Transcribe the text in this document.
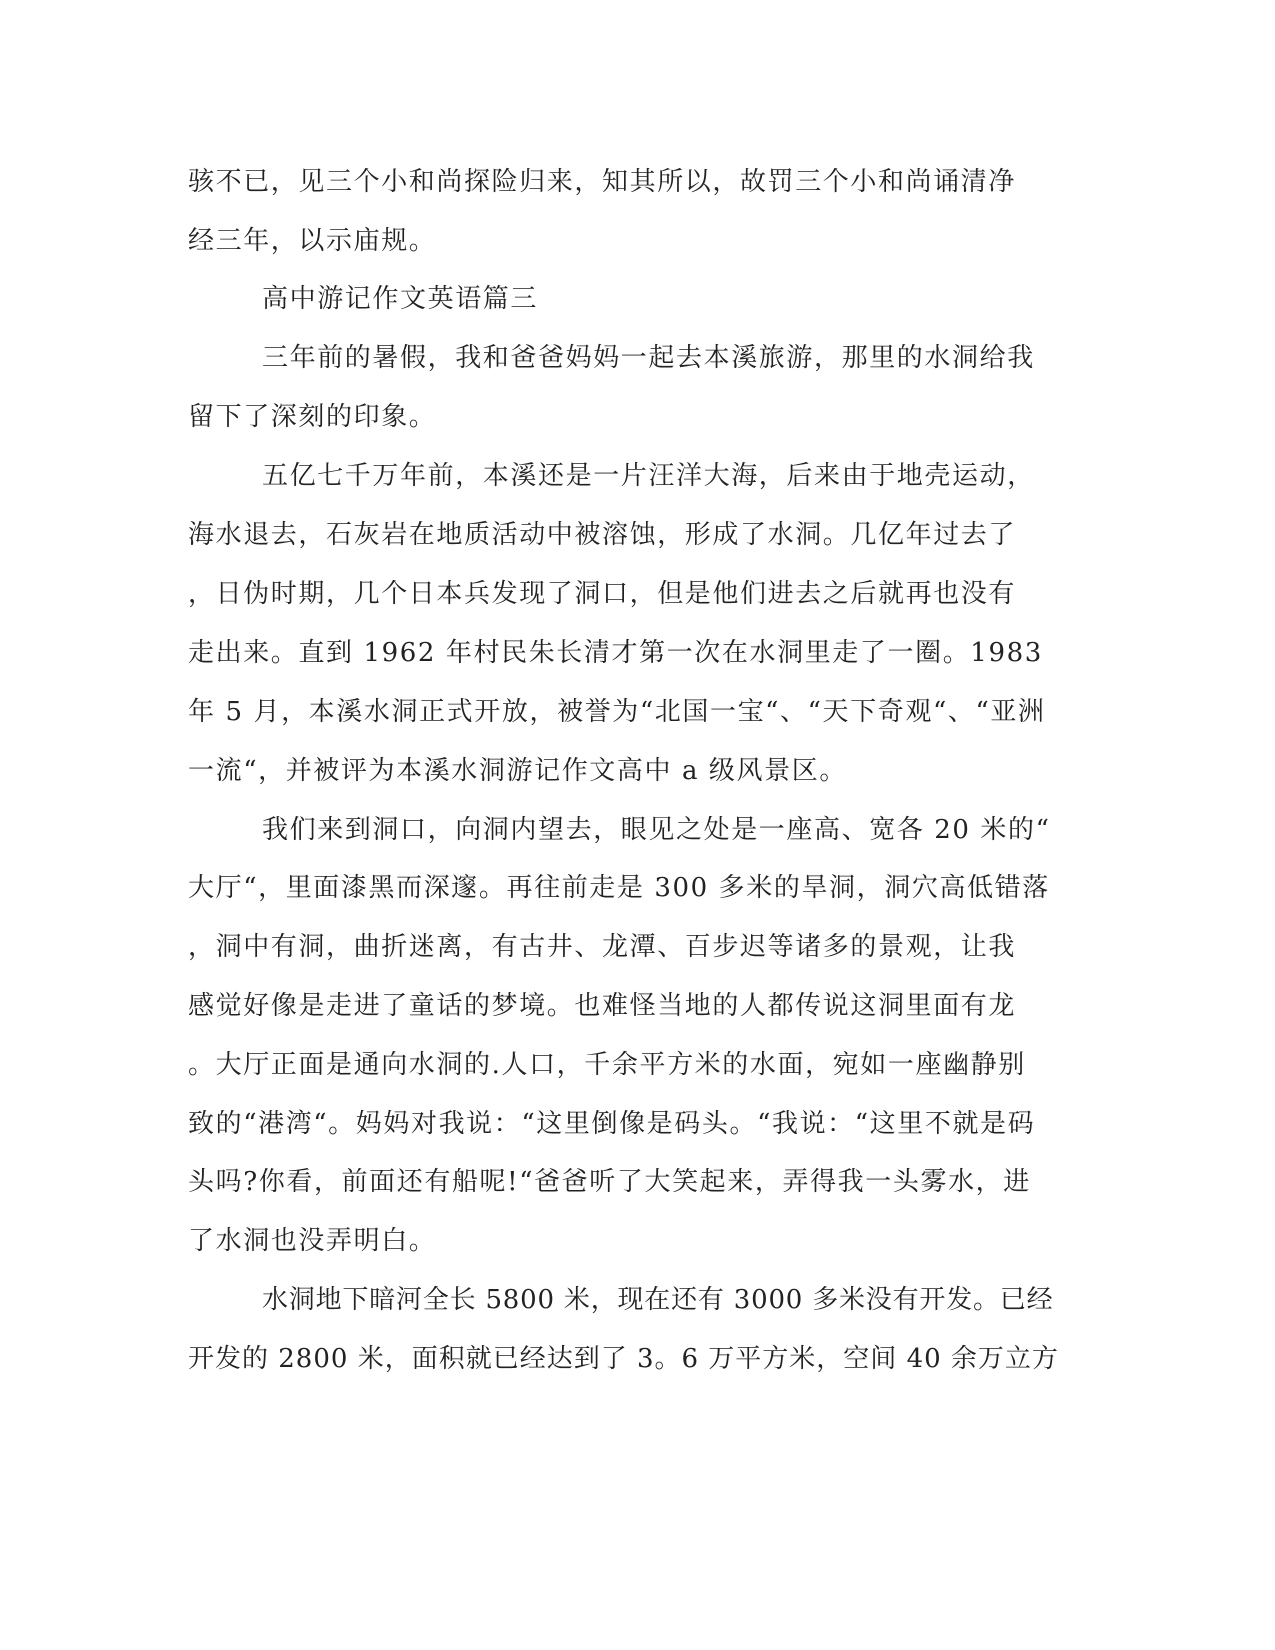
骇不已，见三个小和尚探险归来，知其所以，故罚三个小和尚诵清净
经三年，以示庙规。
高中游记作文英语篇三
三年前的暑假，我和爸爸妈妈一起去本溪旅游，那里的水洞给我
留下了深刻的印象。
五亿七千万年前，本溪还是一片汪洋大海，后来由于地壳运动，
海水退去，石灰岩在地质活动中被溶蚀，形成了水洞。几亿年过去了
，日伪时期，几个日本兵发现了洞口，但是他们进去之后就再也没有
走出来。直到 1962 年村民朱长清才第一次在水洞里走了一圈。1983
年 5 月，本溪水洞正式开放，被誉为“北国一宝“、“天下奇观“、“亚洲
一流“，并被评为本溪水洞游记作文高中 a 级风景区。
我们来到洞口，向洞内望去，眼见之处是一座高、宽各 20 米的“
大厅“，里面漆黑而深邃。再往前走是 300 多米的旱洞，洞穴高低错落
，洞中有洞，曲折迷离，有古井、龙潭、百步迟等诸多的景观，让我
感觉好像是走进了童话的梦境。也难怪当地的人都传说这洞里面有龙
。大厅正面是通向水洞的.人口，千余平方米的水面，宛如一座幽静别
致的“港湾“。妈妈对我说：“这里倒像是码头。“我说：“这里不就是码
头吗?你看，前面还有船呢!“爸爸听了大笑起来，弄得我一头雾水，进
了水洞也没弄明白。
水洞地下暗河全长 5800 米，现在还有 3000 多米没有开发。已经
开发的 2800 米，面积就已经达到了 3。6 万平方米，空间 40 余万立方
